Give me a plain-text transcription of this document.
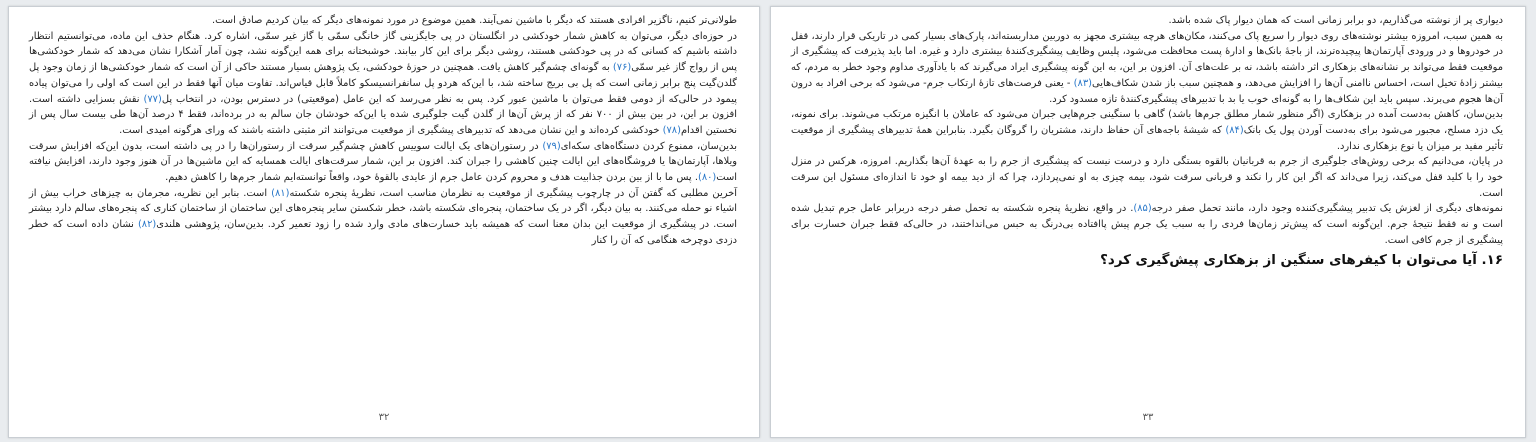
طولانی‌تر کنیم، ناگزیر افرادی هستند که دیگر با ماشین نمی‌آیند. همین موضوع در مورد نمونه‌های دیگر که بیان کردیم صادق است.

در حوزه‌ای دیگر، می‌توان به کاهش شمار خودکشی در انگلستان در پی جایگزینی گاز خانگی سمّی با گاز غیر سمّی، اشاره کرد. هنگام حذف این ماده، می‌توانستیم انتظار داشته باشیم که کسانی که در پی خودکشی هستند، روشی دیگر برای این کار بیابند. خوشبختانه برای همه این‌گونه نشد، چون آمار آشکارا نشان می‌دهد که شمار خودکشی‌ها پس از رواج گاز غیر سمّی(۷۶) به گونه‌ای چشم‌گیر کاهش یافت. همچنین در حوزهٔ خودکشی، یک پژوهش بسیار مستند حاکی از آن است که شمار خودکشی‌ها از زمان وجود پل گلدن‌گیت پنج برابر زمانی است که پل بی بریج ساخته شد، با این‌که هردو پل سانفرانسیسکو کاملاً قابل قیاس‌اند. تفاوت میان آنها فقط در این است که اولی را می‌توان پیاده پیمود در حالی‌که از دومی فقط می‌توان با ماشین عبور کرد. پس به نظر می‌رسد که این عامل (موقعیتی) در دسترس بودن، در انتخاب پل(۷۷) نقش بسزایی داشته است. افزون بر این، در بین بیش از ۷۰۰ نفر که از پرش آن‌ها از گلدن گیت جلوگیری شده یا این‌که خودشان جان سالم به در برده‌اند، فقط ۴ درصد آن‌ها طی بیست سال پس از نخستین اقدام(۷۸) خودکشی کرده‌اند و این نشان می‌دهد که تدبیرهای پیشگیری از موقعیت می‌توانند اثر مثبتی داشته باشند که ورای هرگونه امیدی است.

بدین‌سان، ممنوع کردن دستگاه‌های سکه‌ای(۷۹) در رستوران‌های یک ایالت سوییس کاهش چشم‌گیر سرقت از رستوران‌ها را در پی داشته است، بدون این‌که افزایش سرقت ویلاها، آپارتمان‌ها یا فروشگاه‌های این ایالت چنین کاهشی را جبران کند. افزون بر این، شمار سرقت‌های ایالت همسایه که این ماشین‌ها در آن هنوز وجود دارند، افزایش نیافته است(۸۰). پس ما با از بین بردن جذابیت هدف و محروم کردن عامل جرم از عایدی بالقوهٔ خود، واقعاً توانسته‌ایم شمار جرم‌ها را کاهش دهیم.

آخرین مطلبی که گفتن آن در چارچوب پیشگیری از موقعیت به نظرمان مناسب است، نظریهٔ پنجره شکسته(۸۱) است. بنابر این نظریه، مجرمان به چیزهای خراب بیش از اشیاء نو حمله می‌کنند. به بیان دیگر، اگر در یک ساختمان، پنجره‌ای شکسته باشد، خطر شکستن سایر پنجره‌های این ساختمان از ساختمان کناری که پنجره‌های سالم دارد بیشتر است. در پیشگیری از موقعیت این بدان معنا است که همیشه باید خسارت‌های مادی وارد شده را زود تعمیر کرد. بدین‌سان، پژوهشی هلندی(۸۲) نشان داده است که خطر دزدی دوچرخه هنگامی که آن را کنار

۳۲

دیواری پر از نوشته می‌گذاریم، دو برابر زمانی است که همان دیوار پاک شده باشد.

به همین سبب، امروزه بیشتر نوشته‌های روی دیوار را سریع پاک می‌کنند، مکان‌های هرچه بیشتری مجهز به دوربین مداربسته‌اند، پارک‌های بسیار کمی در تاریکی قرار دارند، قفل در خودروها و در ورودی آپارتمان‌ها پیچیده‌ترند، از باجهٔ بانک‌ها و ادارهٔ پست محافظت می‌شود، پلیس وظایف پیشگیری‌کنندهٔ بیشتری دارد و غیره. اما باید پذیرفت که پیشگیری از موقعیت فقط می‌تواند بر نشانه‌های بزهکاری اثر داشته باشد، نه بر علت‌های آن. افزون بر این، به این گونه پیشگیری ایراد می‌گیرند که با یادآوری مداوم وجود خطر به مردم، که بیشتر زادهٔ تخیل است، احساس ناامنی آن‌ها را افزایش می‌دهد، و همچنین سبب باز شدن شکاف‌هایی(۸۳) - یعنی فرصت‌های تازهٔ ارتکاب جرم- می‌شود که برخی افراد به درون آن‌ها هجوم می‌برند. سپس باید این شکاف‌ها را به گونه‌ای خوب یا بد با تدبیرهای پیشگیری‌کنندهٔ تازه مسدود کرد.

بدین‌سان، کاهش به‌دست آمده در بزهکاری (اگر منظور شمار مطلق جرم‌ها باشد) گاهی با سنگینی جرم‌هایی جبران می‌شود که عاملان با انگیزه مرتکب می‌شوند. برای نمونه، یک دزد مسلح، مجبور می‌شود برای به‌دست آوردن پول یک بانک(۸۴) که شیشهٔ باجه‌های آن حفاظ دارند، مشتریان را گروگان بگیرد. بنابراین همهٔ تدبیرهای پیشگیری از موقعیت تأثیر مفید بر میزان یا نوع بزهکاری ندارد.

در پایان، می‌دانیم که برخی روش‌های جلوگیری از جرم به قربانیان بالقوه بستگی دارد و درست نیست که پیشگیری از جرم را به عهدهٔ آن‌ها بگذاریم. امروزه، هرکس در منزل خود را با کلید قفل می‌کند، زیرا می‌داند که اگر این کار را نکند و قربانی سرقت شود، بیمه چیزی به او نمی‌پردازد، چرا که از دید بیمه او خود تا اندازه‌ای مسئول این سرقت است.

نمونه‌های دیگری از لغزش یک تدبیر پیشگیری‌کننده وجود دارد، مانند تحمل صفر درجه(۸۵). در واقع، نظریهٔ پنجره شکسته به تحمل صفر درجه دربرابر عامل جرم تبدیل شده است و نه فقط نتیجهٔ جرم. این‌گونه است که پیش‌تر زمان‌ها فردی را به سبب یک جرم پیش پاافتاده بی‌درنگ به حبس می‌انداختند، در حالی‌که فقط جبران خسارت برای پیشگیری از جرم کافی است.

۱۶. آیا می‌توان با کیفرهای سنگین از بزهکاری پیش‌گیری کرد؟
۳۳
